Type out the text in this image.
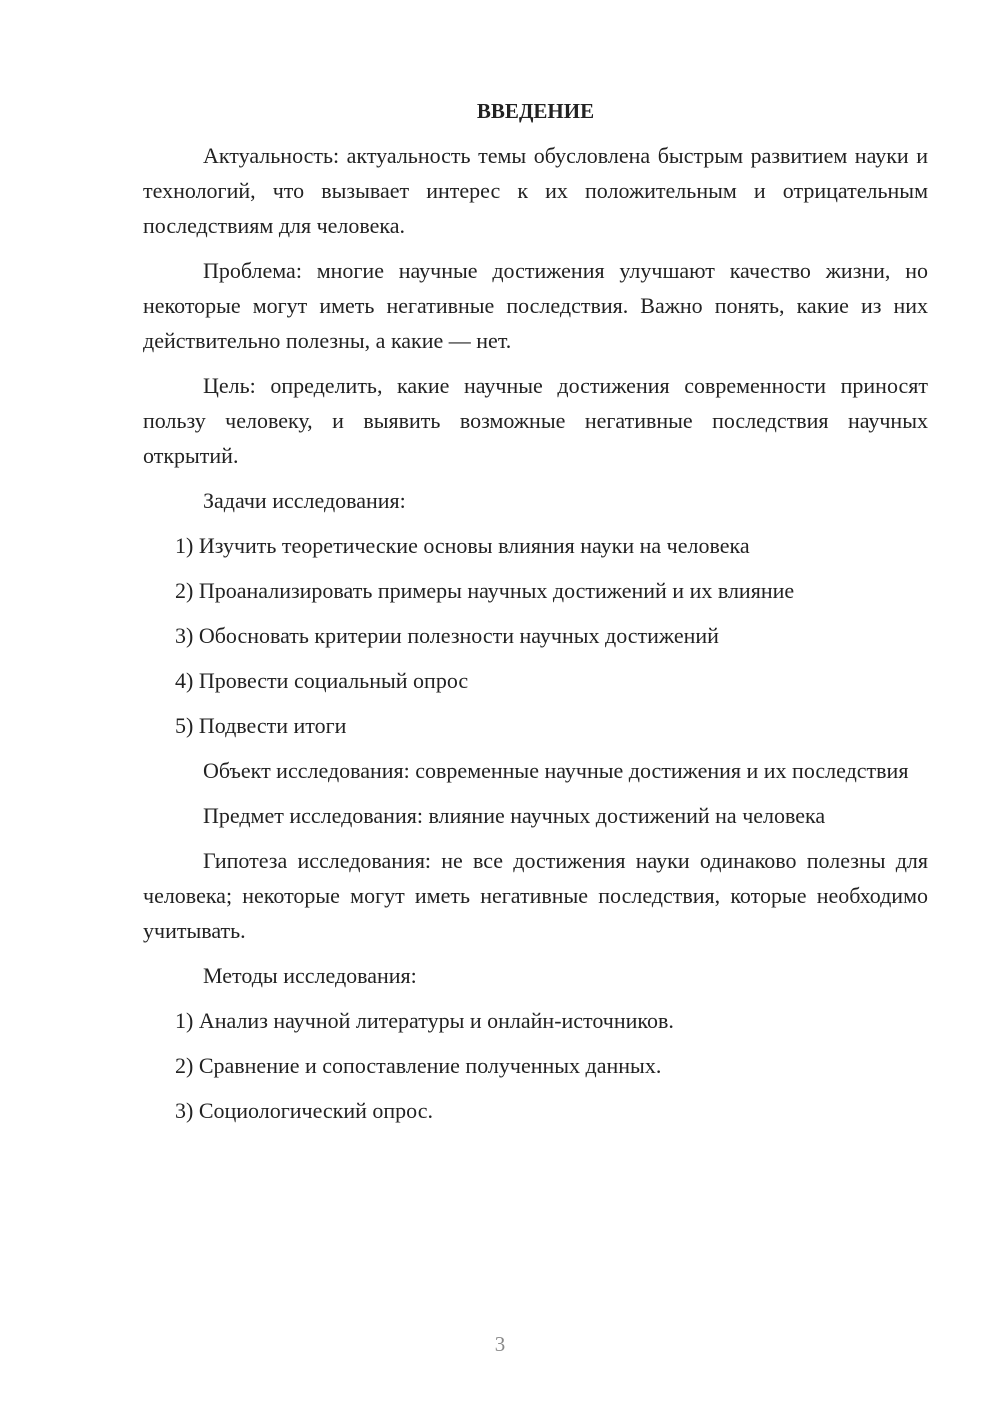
ВВЕДЕНИЕ
Актуальность: актуальность темы обусловлена быстрым развитием науки и технологий, что вызывает интерес к их положительным и отрицательным последствиям для человека.
Проблема: многие научные достижения улучшают качество жизни, но некоторые могут иметь негативные последствия. Важно понять, какие из них действительно полезны, а какие — нет.
Цель: определить, какие научные достижения современности приносят пользу человеку, и выявить возможные негативные последствия научных открытий.
Задачи исследования:
1) Изучить теоретические основы влияния науки на человека
2) Проанализировать примеры научных достижений и их влияние
3) Обосновать критерии полезности научных достижений
4) Провести социальный опрос
5) Подвести итоги
Объект исследования: современные научные достижения и их последствия
Предмет исследования: влияние научных достижений на человека
Гипотеза исследования: не все достижения науки одинаково полезны для человека; некоторые могут иметь негативные последствия, которые необходимо учитывать.
Методы исследования:
1) Анализ научной литературы и онлайн-источников.
2) Сравнение и сопоставление полученных данных.
3) Социологический опрос.
3
